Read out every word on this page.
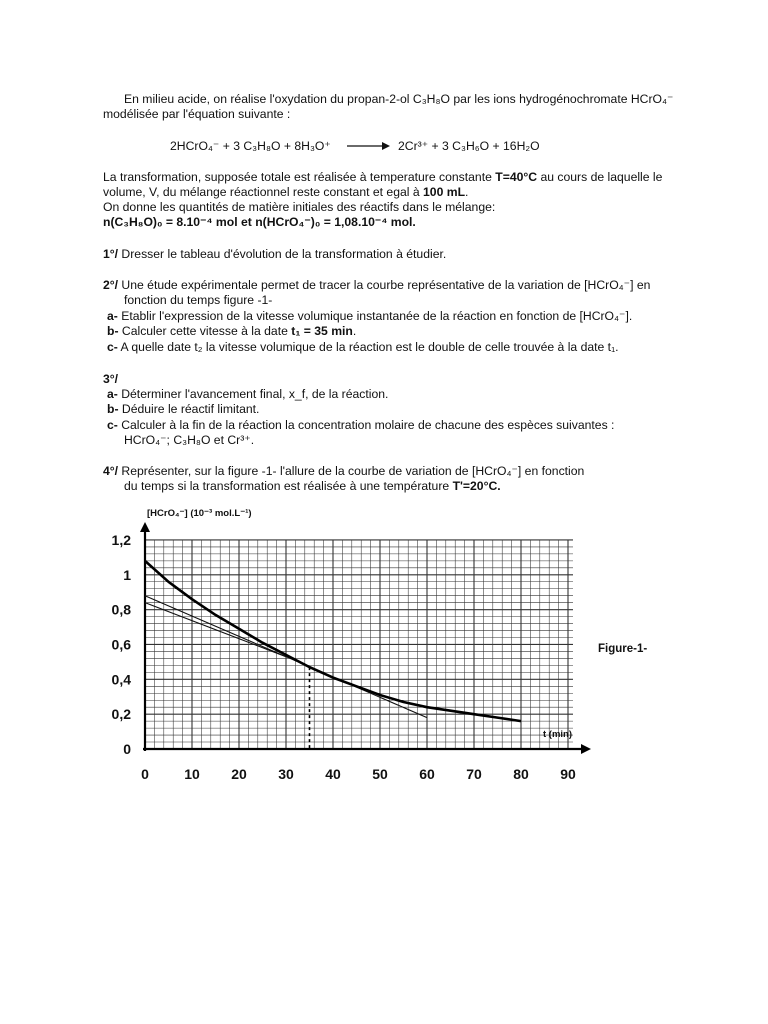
En milieu acide, on réalise l'oxydation du propan-2-ol C₃H₈O par les ions hydrogénochromate HCrO₄⁻
modélisée par l'équation suivante :
2HCrO₄⁻ + 3 C₃H₈O + 8H₃O⁺	2Cr³⁺ + 3 C₃H₆O + 16H₂O
La transformation, supposée totale est réalisée à temperature constante T=40°C au cours de laquelle le
volume, V, du mélange réactionnel reste constant et egal à 100 mL.
On donne les quantités de matière initiales des réactifs dans le mélange:
n(C₃H₈O)₀ = 8.10⁻⁴ mol et n(HCrO₄⁻)₀ = 1,08.10⁻⁴ mol.
1°/ Dresser le tableau d'évolution de la transformation à étudier.
2°/ Une étude expérimentale permet de tracer la courbe représentative de la variation de [HCrO₄⁻] en
fonction du temps figure -1-
a- Etablir l'expression de la vitesse volumique instantanée de la réaction en fonction de [HCrO₄⁻].
b- Calculer cette vitesse à la date t₁ = 35 min.
c- A quelle date t₂ la vitesse volumique de la réaction est le double de celle trouvée à la date t₁.
3°/
a- Déterminer l'avancement final, x_f, de la réaction.
b- Déduire le réactif limitant.
c- Calculer à la fin de la réaction la concentration molaire de chacune des espèces suivantes :
HCrO₄⁻; C₃H₈O et Cr³⁺.
4°/ Représenter, sur la figure -1- l'allure de la courbe de variation de [HCrO₄⁻] en fonction
du temps si la transformation est réalisée à une température T'=20°C.
0	10 20 30 40 50 60 70 80 90
0
0,2
0,4
0,6
0,8
1
1,2
[HCrO₄⁻] (10⁻³ mol.L⁻¹)
t (min)
Figure-1-
